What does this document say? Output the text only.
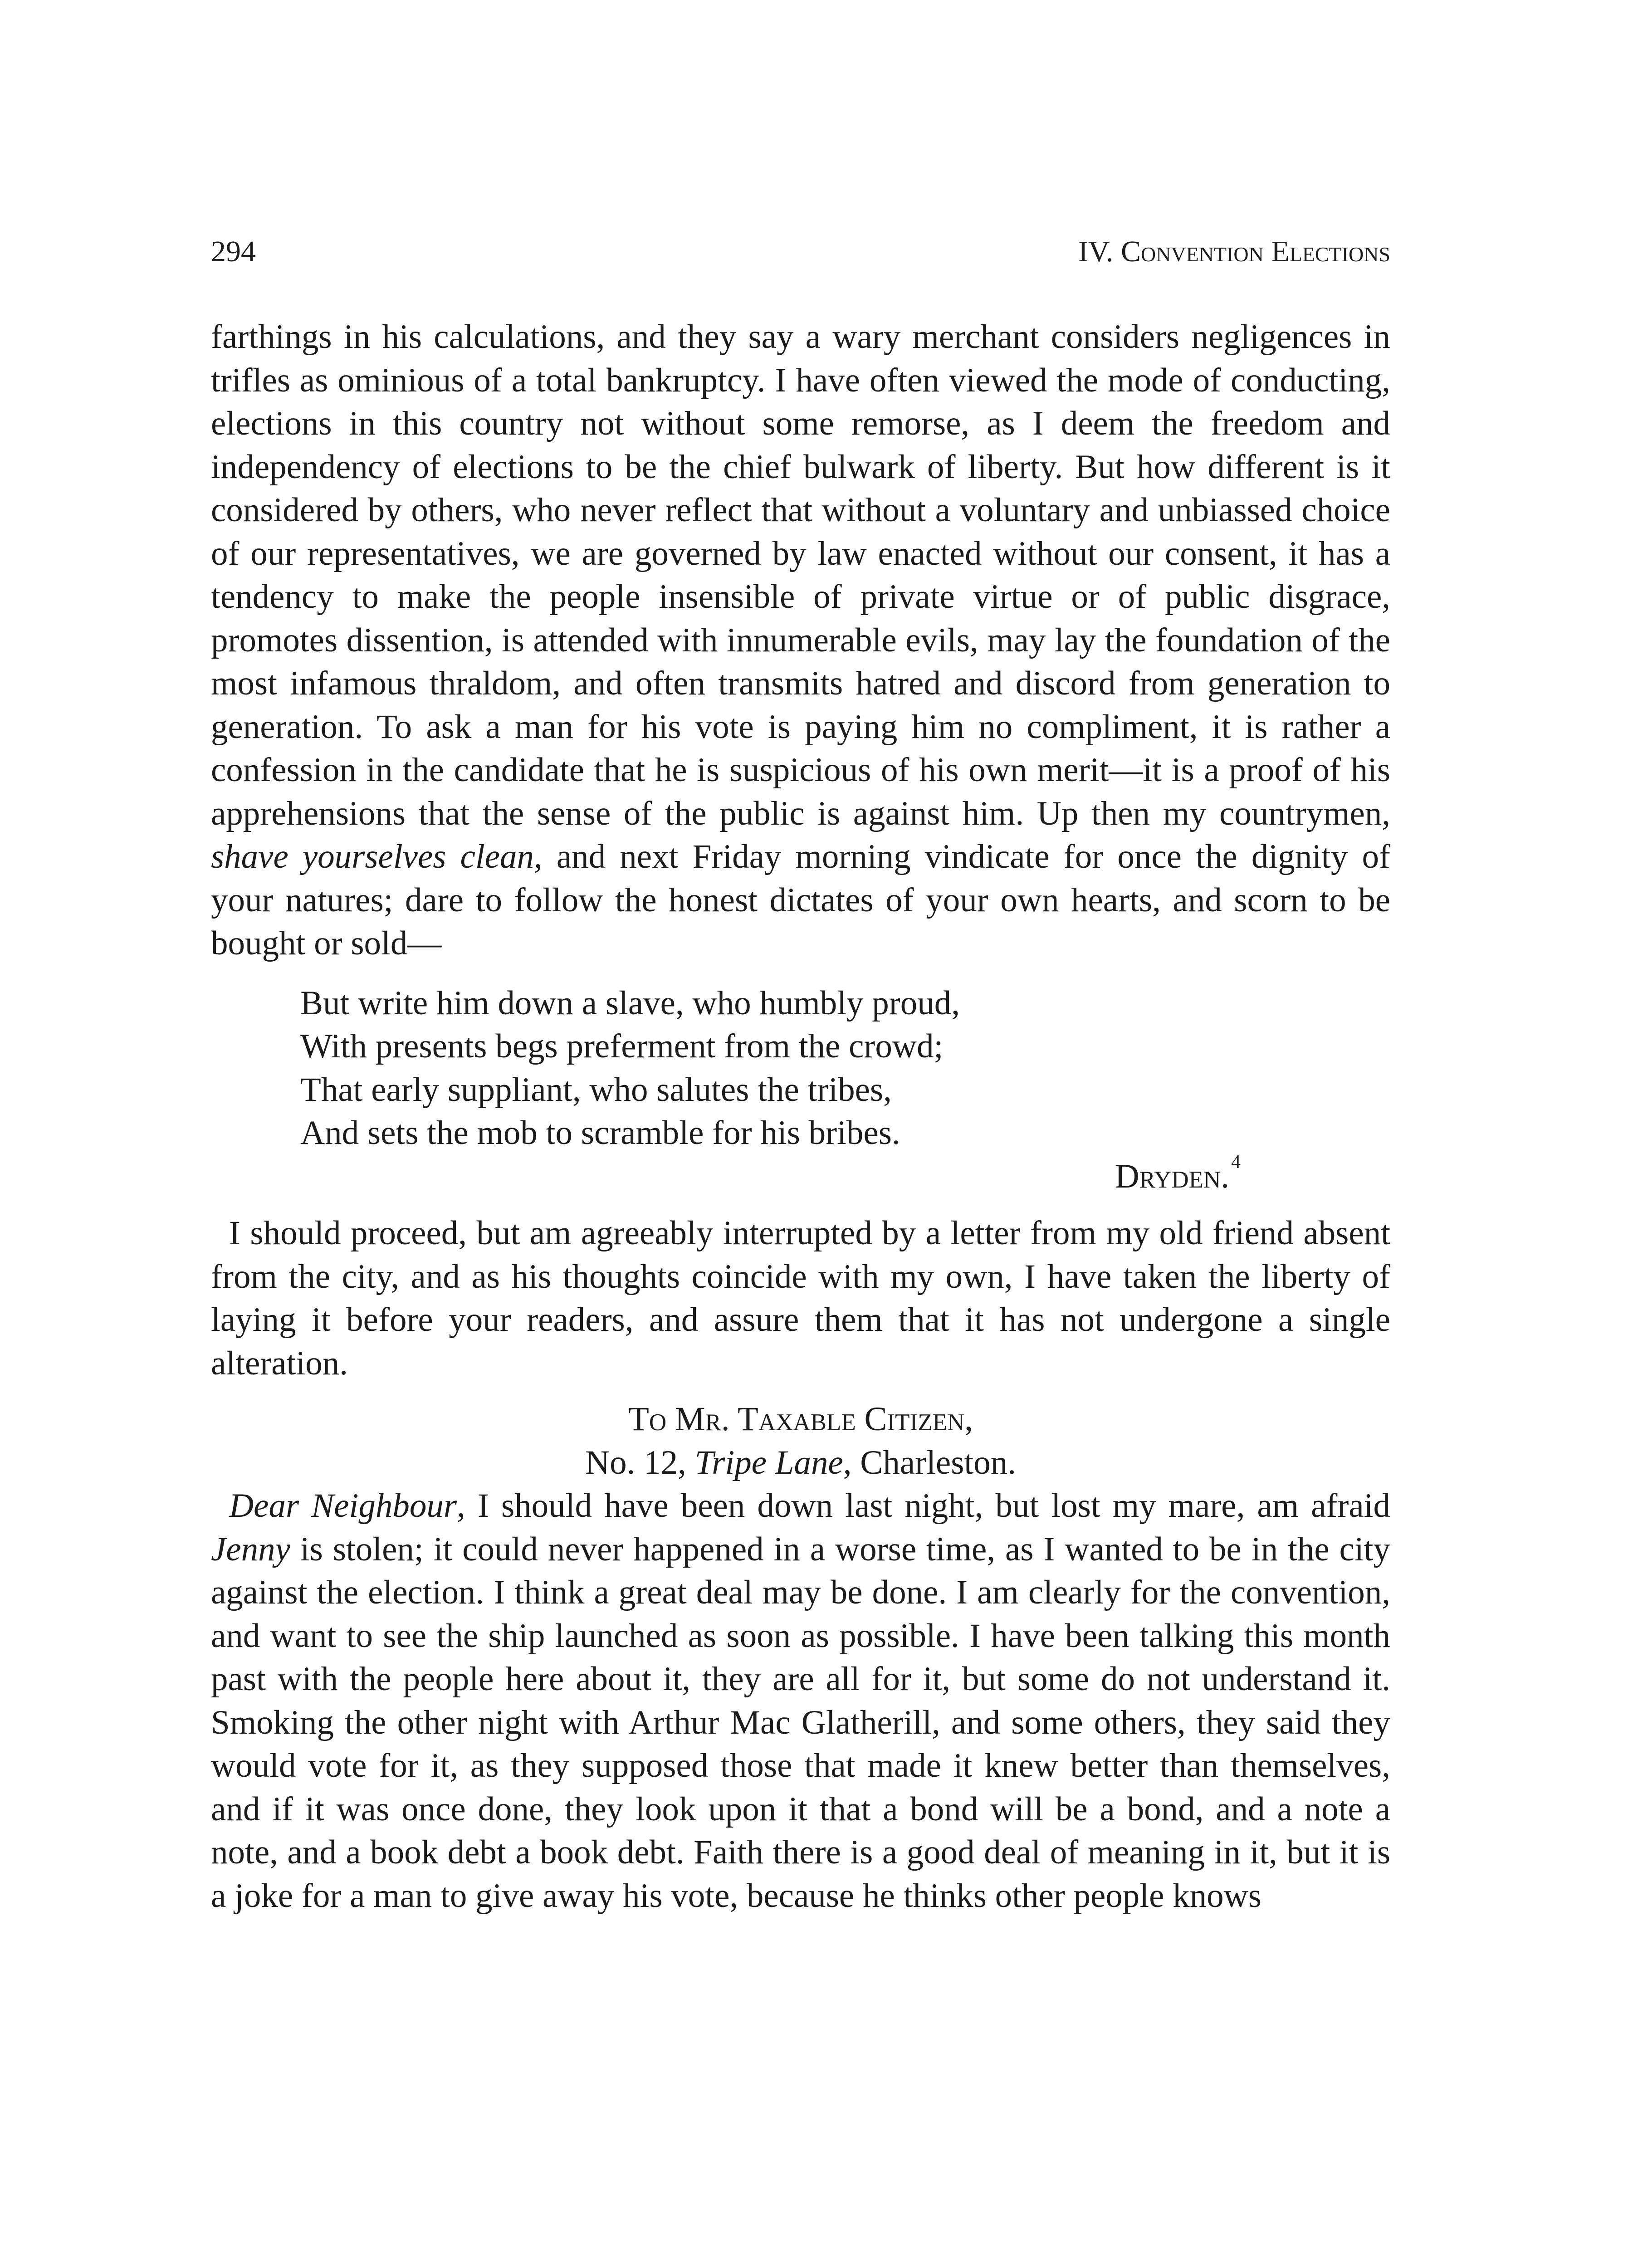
294	IV. Convention Elections

farthings in his calculations, and they say a wary merchant considers negligences in trifles as ominious of a total bankruptcy. I have often viewed the mode of conducting, elections in this country not without some remorse, as I deem the freedom and independency of elections to be the chief bulwark of liberty. But how different is it considered by others, who never reflect that without a voluntary and unbiassed choice of our representatives, we are governed by law enacted without our consent, it has a tendency to make the people insensible of private virtue or of public disgrace, promotes dissention, is attended with innumerable evils, may lay the foundation of the most infamous thraldom, and often transmits hatred and discord from generation to generation. To ask a man for his vote is paying him no compliment, it is rather a confession in the candidate that he is suspicious of his own merit—it is a proof of his apprehensions that the sense of the public is against him. Up then my countrymen, shave yourselves clean, and next Friday morning vindicate for once the dignity of your natures; dare to follow the honest dictates of your own hearts, and scorn to be bought or sold—

But write him down a slave, who humbly proud,
With presents begs preferment from the crowd;
That early suppliant, who salutes the tribes,
And sets the mob to scramble for his bribes.
Dryden.$^4$

I should proceed, but am agreeably interrupted by a letter from my old friend absent from the city, and as his thoughts coincide with my own, I have taken the liberty of laying it before your readers, and assure them that it has not undergone a single alteration.

To Mr. Taxable Citizen,
No. 12, Tripe Lane, Charleston.

Dear Neighbour, I should have been down last night, but lost my mare, am afraid Jenny is stolen; it could never happened in a worse time, as I wanted to be in the city against the election. I think a great deal may be done. I am clearly for the convention, and want to see the ship launched as soon as possible. I have been talking this month past with the people here about it, they are all for it, but some do not understand it. Smoking the other night with Arthur Mac Glatherill, and some others, they said they would vote for it, as they supposed those that made it knew better than themselves, and if it was once done, they look upon it that a bond will be a bond, and a note a note, and a book debt a book debt. Faith there is a good deal of meaning in it, but it is a joke for a man to give away his vote, because he thinks other people knows
